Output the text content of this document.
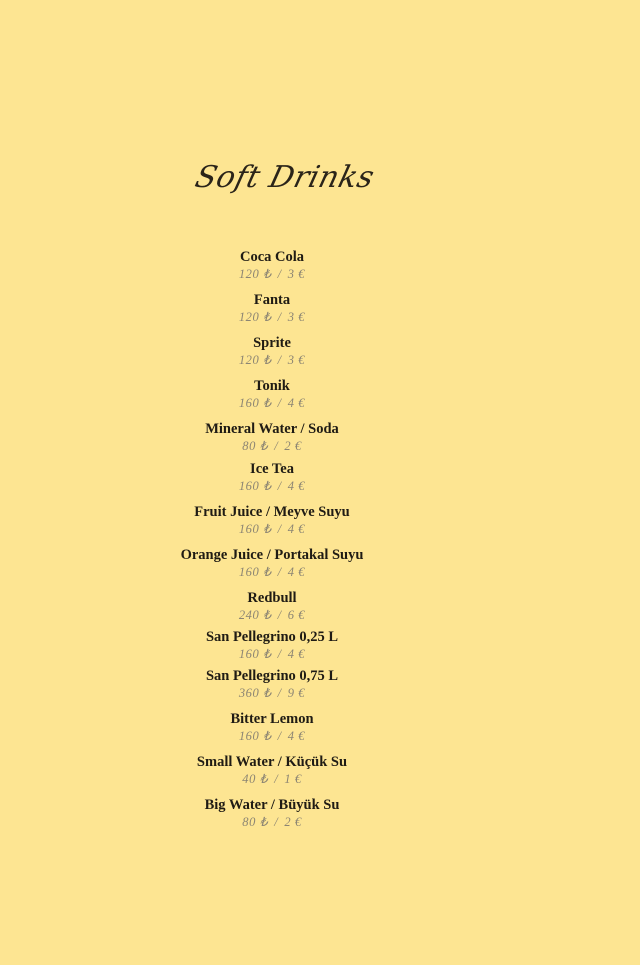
Soft Drinks
Coca Cola
120 ₺ / 3 €
Fanta
120 ₺ / 3 €
Sprite
120 ₺ / 3 €
Tonik
160 ₺ / 4 €
Mineral Water / Soda
80 ₺ / 2 €
Ice Tea
160 ₺ / 4 €
Fruit Juice / Meyve Suyu
160 ₺ / 4 €
Orange Juice / Portakal Suyu
160 ₺ / 4 €
Redbull
240 ₺ / 6 €
San Pellegrino 0,25 L
160 ₺ / 4 €
San Pellegrino 0,75 L
360 ₺ / 9 €
Bitter Lemon
160 ₺ / 4 €
Small Water / Küçük Su
40 ₺ / 1 €
Big Water / Büyük Su
80 ₺ / 2 €
